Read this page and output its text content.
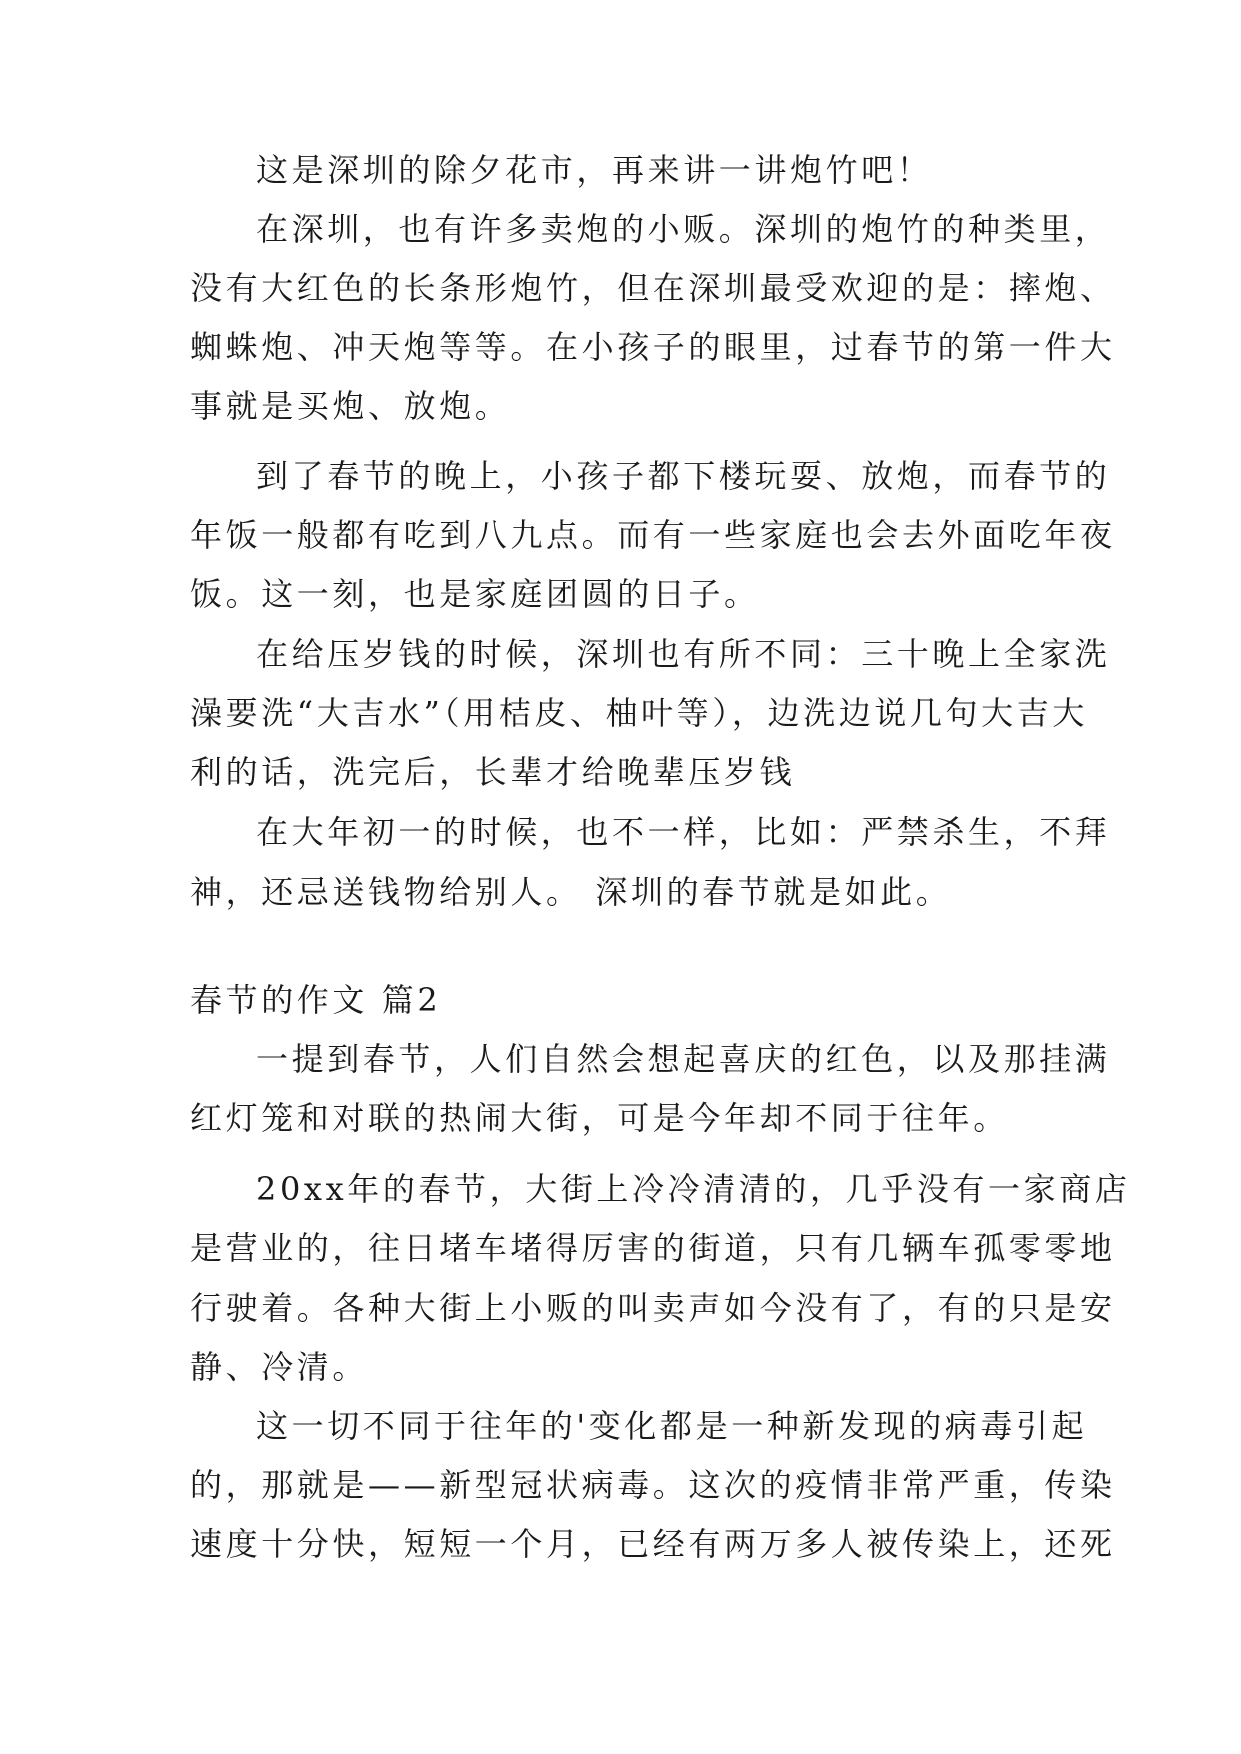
这是深圳的除夕花市，再来讲一讲炮竹吧！
在深圳，也有许多卖炮的小贩。深圳的炮竹的种类里，
没有大红色的长条形炮竹，但在深圳最受欢迎的是：摔炮、
蜘蛛炮、冲天炮等等。在小孩子的眼里，过春节的第一件大
事就是买炮、放炮。
到了春节的晚上，小孩子都下楼玩耍、放炮，而春节的
年饭一般都有吃到八九点。而有一些家庭也会去外面吃年夜
饭。这一刻，也是家庭团圆的日子。
在给压岁钱的时候，深圳也有所不同：三十晚上全家洗
澡要洗“大吉水”（用桔皮、柚叶等），边洗边说几句大吉大
利的话，洗完后，长辈才给晚辈压岁钱
在大年初一的时候，也不一样，比如：严禁杀生，不拜
神，还忌送钱物给别人。 深圳的春节就是如此。
春节的作文 篇2
一提到春节，人们自然会想起喜庆的红色，以及那挂满
红灯笼和对联的热闹大街，可是今年却不同于往年。
20xx年的春节，大街上冷冷清清的，几乎没有一家商店
是营业的，往日堵车堵得厉害的街道，只有几辆车孤零零地
行驶着。各种大街上小贩的叫卖声如今没有了，有的只是安
静、冷清。
这一切不同于往年的'变化都是一种新发现的病毒引起
的，那就是——新型冠状病毒。这次的疫情非常严重，传染
速度十分快，短短一个月，已经有两万多人被传染上，还死
